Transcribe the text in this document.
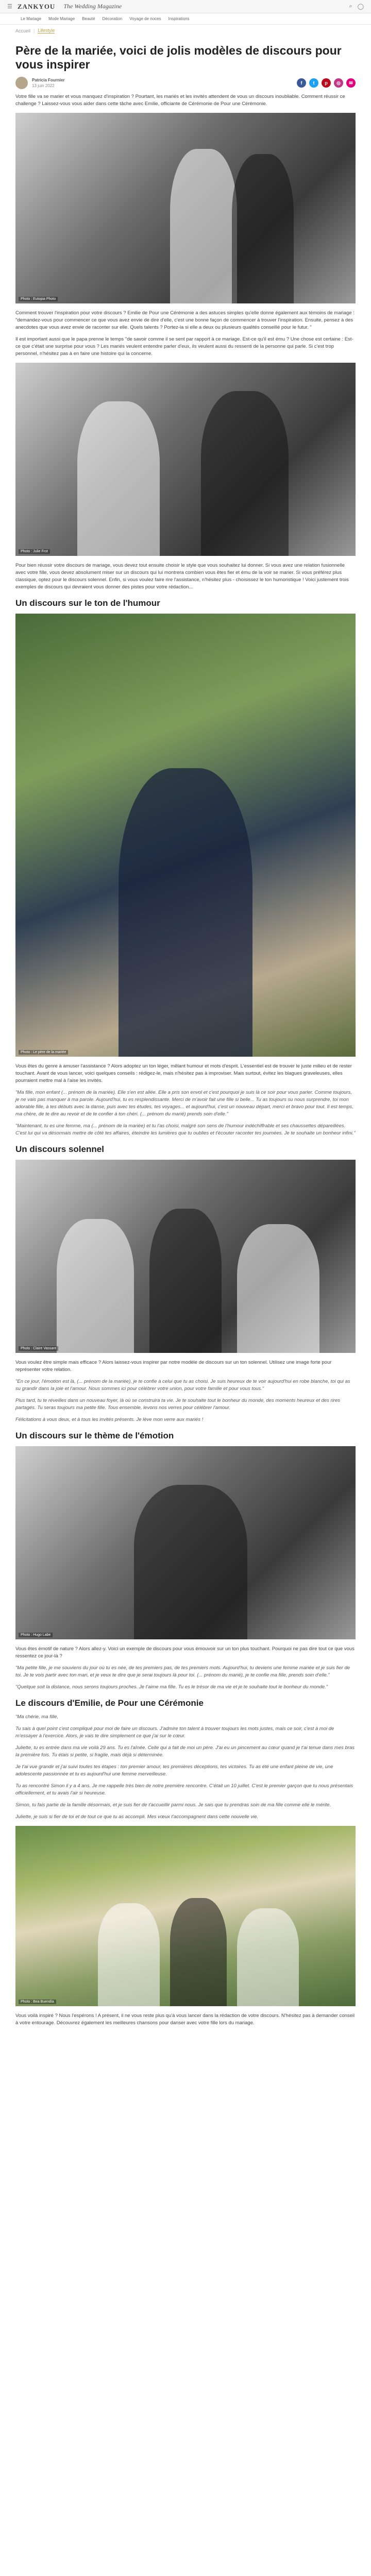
☰ ZANKYOU The Wedding Magazine	⌕ ◯
Le Mariage Mode Mariage Beauté Décoration Voyage de noces Inspirations
Accueil | Lifestyle
Père de la mariée, voici de jolis modèles de discours pour vous inspirer
Patricia Fournier
13 juin 2022
f	t	p	◎	✉

Votre fille va se marier et vous manquez d'inspiration ? Pourtant, les mariés et les invités attendent de vous un discours inoubliable. Comment réussir ce challenge ? Laissez-vous vous aider dans cette tâche avec Emilie, officiante de Cérémonie de Pour une Cérémonie.

Photo : Eutopia Photo

Comment trouver l'inspiration pour votre discours ? Emilie de Pour une Cérémonie a des astuces simples qu'elle donne également aux témoins de mariage : "demandez-vous pour commencer ce que vous avez envie de dire d'elle, c'est une bonne façon de commencer à trouver l'inspiration. Ensuite, pensez à des anecdotes que vous avez envie de raconter sur elle. Quels talents ? Portez-la si elle a deux ou plusieurs qualités conseillé pour le futur. "

Il est important aussi que le papa prenne le temps "de savoir comme il se sent par rapport à ce mariage. Est-ce qu'il est ému ? Une chose est certaine : Est-ce que c'était une surprise pour vous ? Les mariés veulent entendre parler d'eux, ils veulent aussi du ressenti de la personne qui parle. Si c'est trop personnel, n'hésitez pas à en faire une histoire qui la concerne.

Photo : Julie Frot

Pour bien réussir votre discours de mariage, vous devez tout ensuite choisir le style que vous souhaitez lui donner. Si vous avez une relation fusionnelle avec votre fille, vous devez absolument miser sur un discours qui lui montrera combien vous êtes fier et ému de la voir se marier. Si vous préférez plus classique, optez pour le discours solennel. Enfin, si vous voulez faire rire l'assistance, n'hésitez plus - choisissez le ton humoristique ! Voici justement trois exemples de discours qui devraient vous donner des pistes pour votre rédaction...

Un discours sur le ton de l'humour
Photo : Le père de la mariée

Vous êtes du genre à amuser l'assistance ? Alors adoptez un ton léger, mêlant humour et mots d'esprit. L'essentiel est de trouver le juste milieu et de rester touchant. Avant de vous lancer, voici quelques conseils : rédigez-le, mais n'hésitez pas à improviser. Mais surtout, évitez les blagues graveleuses, elles pourraient mettre mal à l'aise les invités.

"Ma fille, mon enfant (... prénom de la mariée). Elle s'en est allée. Elle a pris son envol et c'est pourquoi je suis là ce soir pour vous parler. Comme toujours, je ne vais pas manquer à ma parole. Aujourd'hui, tu es resplendissante. Merci de m'avoir fait une fille si belle... Tu as toujours su nous surprendre, toi mon adorable fille, à tes débuts avec la danse, puis avec tes études, tes voyages... et aujourd'hui, c'est un nouveau départ, merci et bravo pour tout. Il est temps, ma chère, de te dire au revoir et de te confier à ton chéri. (... prénom du marié) prends soin d'elle."

"Maintenant, tu es une femme, ma (... prénom de la mariée) et tu l'as choisi, malgré son sens de l'humour indéchiffrable et ses chaussettes dépareillées. C'est lui qui va désormais mettre de côté tes affaires, éteindre les lumières que tu oublies et t'écouter raconter tes journées. Je te souhaite un bonheur infini."

Un discours solennel
Photo : Claire Vassant

Vous voulez être simple mais efficace ? Alors laissez-vous inspirer par notre modèle de discours sur un ton solennel. Utilisez une image forte pour représenter votre relation.

"En ce jour, l'émotion est là, (... prénom de la mariée), je te confie à celui que tu as choisi. Je suis heureux de te voir aujourd'hui en robe blanche, toi qui as su grandir dans la joie et l'amour. Nous sommes ici pour célébrer votre union, pour votre famille et pour vous tous."

Plus tard, tu te réveilles dans un nouveau foyer, là où se construira ta vie. Je te souhaite tout le bonheur du monde, des moments heureux et des rires partagés. Tu seras toujours ma petite fille. Tous ensemble, levons nos verres pour célébrer l'amour.

Félicitations à vous deux, et à tous les invités présents. Je lève mon verre aux mariés !

Un discours sur le thème de l'émotion
Photo : Hugo Labe

Vous êtes émotif de nature ? Alors allez-y. Voici un exemple de discours pour vous émouvoir sur un ton plus touchant. Pourquoi ne pas dire tout ce que vous ressentez ce jour-là ?

"Ma petite fille, je me souviens du jour où tu es née, de tes premiers pas, de tes premiers mots. Aujourd'hui, tu deviens une femme mariée et je suis fier de toi. Je te vois partir avec ton mari, et je veux te dire que je serai toujours là pour toi. (... prénom du marié), je te confie ma fille, prends soin d'elle."

"Quelque soit la distance, nous serons toujours proches. Je t'aime ma fille. Tu es le trésor de ma vie et je te souhaite tout le bonheur du monde."

Le discours d'Emilie, de Pour une Cérémonie

"Ma chérie, ma fille,

Tu sais à quel point c'est compliqué pour moi de faire un discours. J'admire ton talent à trouver toujours les mots justes, mais ce soir, c'est à moi de m'essayer à l'exercice. Alors, je vais te dire simplement ce que j'ai sur le cœur.

Juliette, tu es entrée dans ma vie voilà 29 ans. Tu es l'aînée. Celle qui a fait de moi un père. J'ai eu un pincement au cœur quand je t'ai tenue dans mes bras la première fois. Tu étais si petite, si fragile, mais déjà si déterminée.

Je t'ai vue grandir et j'ai suivi toutes tes étapes : ton premier amour, tes premières déceptions, tes victoires. Tu as été une enfant pleine de vie, une adolescente passionnée et tu es aujourd'hui une femme merveilleuse.

Tu as rencontré Simon il y a 4 ans. Je me rappelle très bien de notre première rencontre. C'était un 10 juillet. C'est le premier garçon que tu nous présentais officiellement, et tu avais l'air si heureuse.

Simon, tu fais partie de la famille désormais, et je suis fier de t'accueillir parmi nous. Je sais que tu prendras soin de ma fille comme elle le mérite.

Juliette, je suis si fier de toi et de tout ce que tu as accompli. Mes vœux t'accompagnent dans cette nouvelle vie.

Photo : Bea Buendía

Vous voilà inspiré ? Nous l'espérons ! A présent, il ne vous reste plus qu'à vous lancer dans la rédaction de votre discours. N'hésitez pas à demander conseil à votre entourage. Découvrez également les meilleures chansons pour danser avec votre fille lors du mariage.
